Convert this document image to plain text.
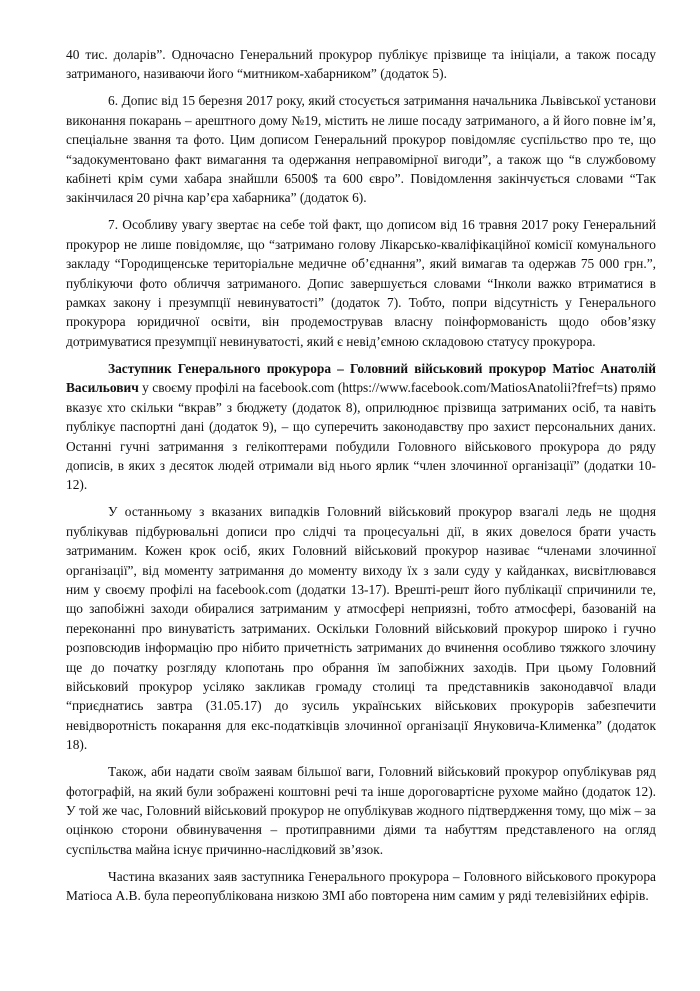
40 тис. доларів”. Одночасно Генеральний прокурор публікує прізвище та ініціали, а також посаду затриманого, називаючи його “митником-хабарником” (додаток 5).

6. Допис від 15 березня 2017 року, який стосується затримання начальника Львівської установи виконання покарань – арештного дому №19, містить не лише посаду затриманого, а й його повне ім’я, спеціальне звання та фото. Цим дописом Генеральний прокурор повідомляє суспільство про те, що “задокументовано факт вимагання та одержання неправомірної вигоди”, а також що “в службовому кабінеті крім суми хабара знайшли 6500$ та 600 євро”. Повідомлення закінчується словами “Так закінчилася 20 річна кар’єра хабарника” (додаток 6).

7. Особливу увагу звертає на себе той факт, що дописом від 16 травня 2017 року Генеральний прокурор не лише повідомляє, що “затримано голову Лікарсько-кваліфікаційної комісії комунального закладу “Городищенське територіальне медичне об’єднання”, який вимагав та одержав 75 000 грн.”, публікуючи фото обличчя затриманого. Допис завершується словами “Інколи важко втриматися в рамках закону і презумпції невинуватості” (додаток 7). Тобто, попри відсутність у Генерального прокурора юридичної освіти, він продемострував власну поінформованість щодо обов’язку дотримуватися презумпції невинуватості, який є невід’ємною складовою статусу прокурора.

Заступник Генерального прокурора – Головний військовий прокурор Матіос Анатолій Васильович у своєму профілі на facebook.com (https://www.facebook.com/MatiosAnatolii?fref=ts) прямо вказує хто скільки “вкрав” з бюджету (додаток 8), оприлюднює прізвища затриманих осіб, та навіть публікує паспортні дані (додаток 9), – що суперечить законодавству про захист персональних даних. Останні гучні затримання з гелікоптерами побудили Головного військового прокурора до ряду дописів, в яких з десяток людей отримали від нього ярлик “член злочинної організації” (додатки 10-12).

У останньому з вказаних випадків Головний військовий прокурор взагалі ледь не щодня публікував підбурювальні дописи про слідчі та процесуальні дії, в яких довелося брати участь затриманим. Кожен крок осіб, яких Головний військовий прокурор називає “членами злочинної організації”, від моменту затримання до моменту виходу їх з зали суду у кайданках, висвітлювався ним у своєму профілі на facebook.com (додатки 13-17). Врешті-решт його публікації спричинили те, що запобіжні заходи обиралися затриманим у атмосфері неприязні, тобто атмосфері, базованій на переконанні про винуватість затриманих. Оскільки Головний військовий прокурор широко і гучно розповсюдив інформацію про нібито причетність затриманих до вчинення особливо тяжкого злочину ще до початку розгляду клопотань про обрання їм запобіжних заходів. При цьому Головний військовий прокурор усіляко закликав громаду столиці та представників законодавчої влади “приєднатись завтра (31.05.17) до зусиль українських військових прокурорів забезпечити невідворотність покарання для екс-податківців злочинної організації Януковича-Клименка” (додаток 18).

Також, аби надати своїм заявам більшої ваги, Головний військовий прокурор опублікував ряд фотографій, на який були зображені коштовні речі та інше дороговартісне рухоме майно (додаток 12). У той же час, Головний військовий прокурор не опублікував жодного підтвердження тому, що між – за оцінкою сторони обвинувачення – протиправними діями та набуттям представленого на огляд суспільства майна існує причинно-наслідковий зв’язок.

Частина вказаних заяв заступника Генерального прокурора – Головного військового прокурора Матіоса А.В. була переопублікована низкою ЗМІ або повторена ним самим у ряді телевізійних ефірів.
